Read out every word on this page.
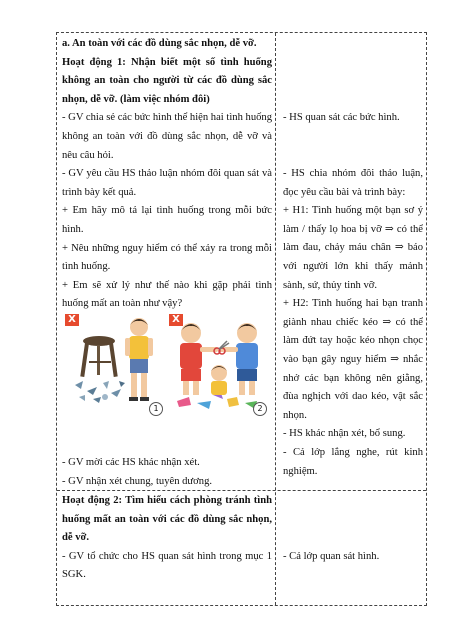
a. An toàn với các đồ dùng sắc nhọn, dễ vỡ.

Hoạt động 1: Nhận biết một số tình huống không an toàn cho người từ các đồ dùng sắc nhọn, dễ vỡ. (làm việc nhóm đôi)

- GV chia sẻ các bức hình thể hiện hai tình huống không an toàn với đồ dùng sắc nhọn, dễ vỡ và nêu câu hỏi.

- GV yêu cầu HS thảo luận nhóm đôi quan sát và trình bày kết quả.

+ Em hãy mô tả lại tình huống trong mỗi bức hình.

+ Nêu những nguy hiểm có thể xảy ra trong mỗi tình huống.

+ Em sẽ xử lý như thế nào khi gặp phải tình huống mất an toàn như vậy?

X
1
X
2

- GV mời các HS khác nhận xét.

- GV nhận xét chung, tuyên dương.

- HS quan sát các bức hình.

- HS chia nhóm đôi thảo luận, đọc yêu cầu bài và trình bày:

+ H1: Tình huống một bạn sơ ý làm / thấy lọ hoa bị vỡ ⇒ có thể làm đau, chảy máu chân ⇒ báo với người lớn khi thấy mảnh sành, sứ, thủy tinh vỡ.

+ H2: Tình huống hai bạn tranh giành nhau chiếc kéo ⇒ có thể làm đứt tay hoặc kéo nhọn chọc vào bạn gây nguy hiểm ⇒ nhắc nhở các bạn không nên giằng, đùa nghịch với dao kéo, vật sắc nhọn.

- HS khác nhận xét, bổ sung.

- Cả lớp lắng nghe, rút kinh nghiệm.

Hoạt động 2: Tìm hiểu cách phòng tránh tình huống mất an toàn với các đồ dùng sắc nhọn, dễ vỡ.

- GV tổ chức cho HS quan sát hình trong mục 1 SGK.

- Cả lớp quan sát hình.
